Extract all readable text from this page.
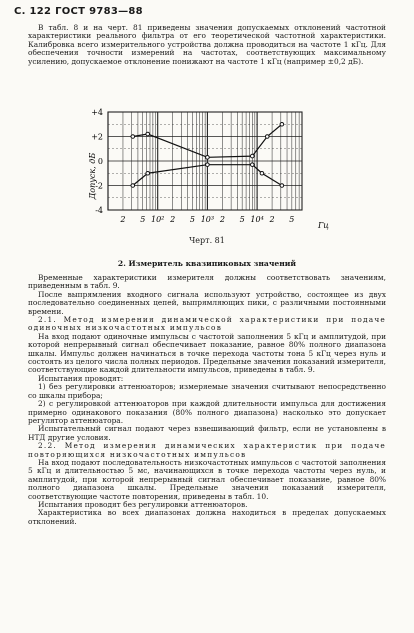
С. 122 ГОСТ 9783—88

В табл. 8 и на черт. 81 приведены значения допускаемых отклонений частотной характеристики реального фильтра от его теоретической частотной характеристики. Калибровка всего измерительного устройства должна проводиться на частоте 1 кГц. Для обеспечения точности измерений на частотах, соответствующих максимальному усилению, допускаемое отклонение понижают на частоте 1 кГц (например ±0,2 дБ).

+4
+2
0
-2
-4
2 5 10² 2 5 10³ 2 5 10⁴ 2 5
Допуск, дБ
Гц
Черт. 81
2. Измеритель квазипиковых значений

Временные характеристики измерителя должны соответствовать значениям, приведенным в табл. 9.

После выпрямления входного сигнала используют устройство, состоящее из двух последовательно соединенных цепей, выпрямляющих пики, с различными постоянными времени.

2.1. Метод измерения динамической характеристики при подаче одиночных низкочастотных импульсов

На вход подают одиночные импульсы с частотой заполнения 5 кГц и амплитудой, при которой непрерывный сигнал обеспечивает показание, равное 80% полного диапазона шкалы. Импульс должен начинаться в точке перехода частоты тона 5 кГц через нуль и состоять из целого числа полных периодов. Предельные значения показаний измерителя, соответствующие каждой длительности импульсов, приведены в табл. 9.

Испытания проводят:

1) без регулировки аттенюаторов; измеряемые значения считывают непосредственно со шкалы прибора;

2) с регулировкой аттенюаторов при каждой длительности импульса для достижения примерно одинакового показания (80% полного диапазона) насколько это допускает регулятор аттенюатора.

Испытательный сигнал подают через взвешивающий фильтр, если не установлены в НТД другие условия.

2.2. Метод измерения динамических характеристик при подаче повторяющихся низкочастотных импульсов

На вход подают последовательность низкочастотных импульсов с частотой заполнения 5 кГц и длительностью 5 мс, начинающихся в точке перехода частоты через нуль, и амплитудой, при которой непрерывный сигнал обеспечивает показание, равное 80% полного диапазона шкалы. Предельные значения показаний измерителя, соответствующие частоте повторения, приведены в табл. 10.

Испытания проводят без регулировки аттенюаторов.

Характеристика во всех диапазонах должна находиться в пределах допускаемых отклонений.
